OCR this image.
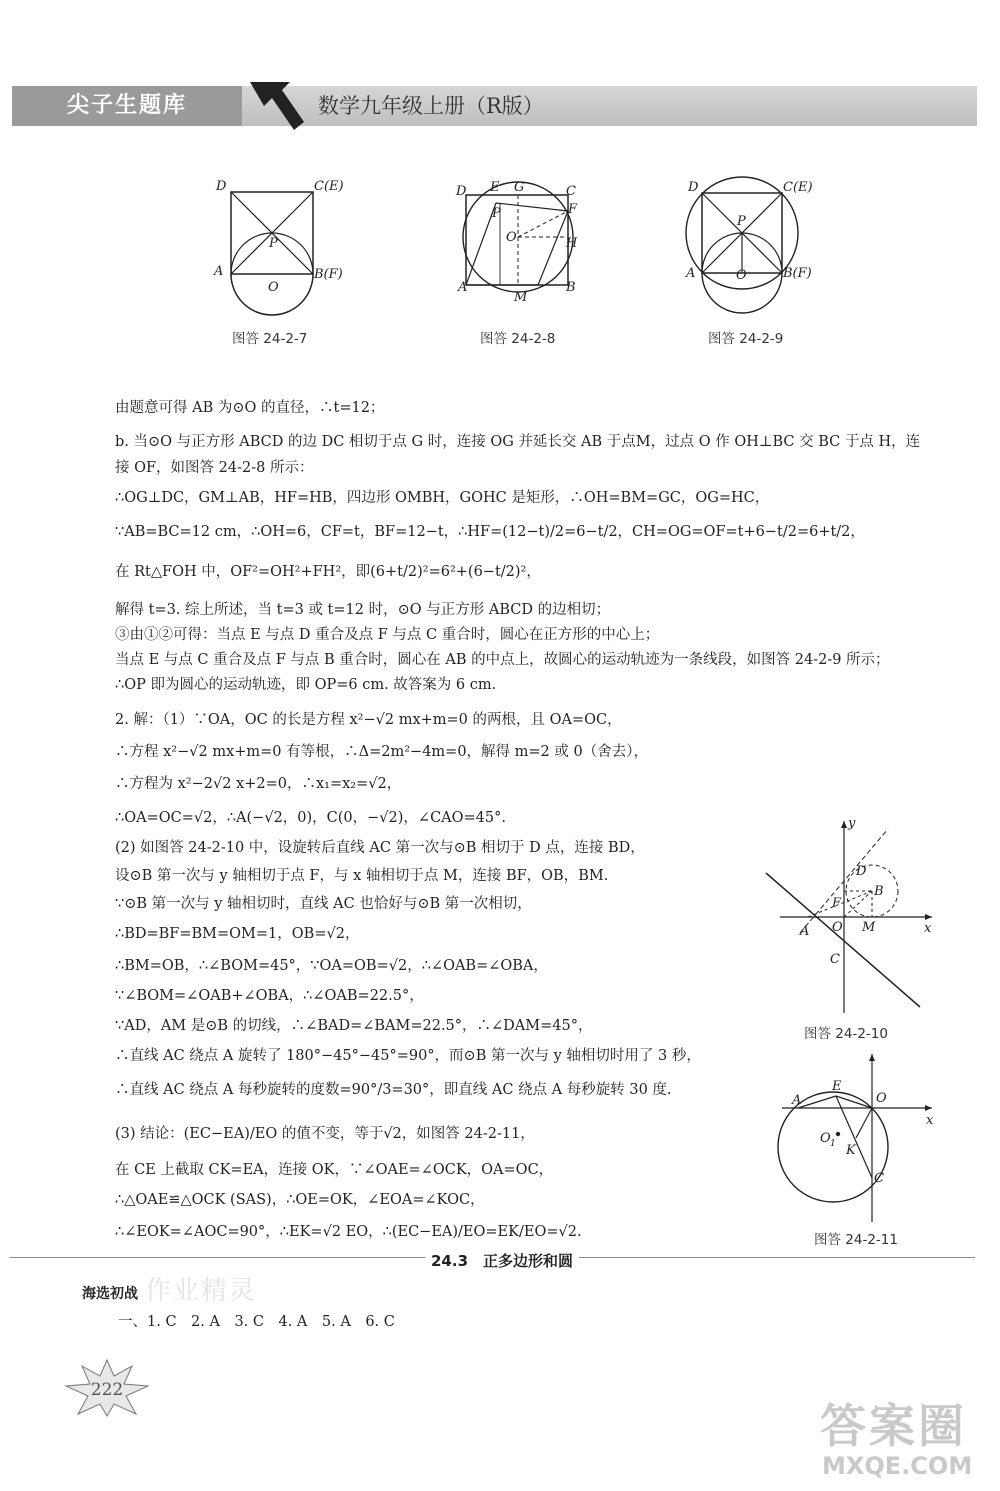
尖子生题库	数学九年级上册（R版）
D	C(E)
A	B(F)
P
O
图答 24-2-7
D E G	C
F
P
O	H
A
M
B
图答 24-2-8
D	C(E)
A	B(F)
P
O
图答 24-2-9
由题意可得 AB 为⊙O 的直径，∴t=12；
b. 当⊙O 与正方形 ABCD 的边 DC 相切于点 G 时，连接 OG 并延长交 AB 于点M，过点 O 作 OH⊥BC 交 BC 于点 H，连
接 OF，如图答 24-2-8 所示：
∴OG⊥DC，GM⊥AB，HF=HB，四边形 OMBH，GOHC 是矩形，∴OH=BM=GC，OG=HC，
∵AB=BC=12 cm，∴OH=6，CF=t，BF=12−t，∴HF=(12−t)/2=6−t/2，CH=OG=OF=t+6−t/2=6+t/2，
在 Rt△FOH 中，OF²=OH²+FH²，即(6+t/2)²=6²+(6−t/2)²，
解得 t=3. 综上所述，当 t=3 或 t=12 时，⊙O 与正方形 ABCD 的边相切；
③由①②可得：当点 E 与点 D 重合及点 F 与点 C 重合时，圆心在正方形的中心上；
当点 E 与点 C 重合及点 F 与点 B 重合时，圆心在 AB 的中点上，故圆心的运动轨迹为一条线段，如图答 24-2-9 所示；
∴OP 即为圆心的运动轨迹，即 OP=6 cm. 故答案为 6 cm.
2. 解：（1）∵OA，OC 的长是方程 x²−√2 mx+m=0 的两根，且 OA=OC，
∴方程 x²−√2 mx+m=0 有等根，∴Δ=2m²−4m=0，解得 m=2 或 0（舍去），
∴方程为 x²−2√2 x+2=0，∴x₁=x₂=√2，
∴OA=OC=√2，∴A(−√2，0)，C(0，−√2)，∠CAO=45°.
(2) 如图答 24-2-10 中，设旋转后直线 AC 第一次与⊙B 相切于 D 点，连接 BD，
设⊙B 第一次与 y 轴相切于点 F，与 x 轴相切于点 M，连接 BF，OB，BM.
∵⊙B 第一次与 y 轴相切时，直线 AC 也恰好与⊙B 第一次相切，
∴BD=BF=BM=OM=1，OB=√2，
∴BM=OB，∴∠BOM=45°，∵OA=OB=√2，∴∠OAB=∠OBA，
∵∠BOM=∠OAB+∠OBA，∴∠OAB=22.5°，
∵AD，AM 是⊙B 的切线，∴∠BAD=∠BAM=22.5°，∴∠DAM=45°，
∴直线 AC 绕点 A 旋转了 180°−45°−45°=90°，而⊙B 第一次与 y 轴相切时用了 3 秒，
∴直线 AC 绕点 A 每秒旋转的度数=90°/3=30°，即直线 AC 绕点 A 每秒旋转 30 度.
(3) 结论：(EC−EA)/EO 的值不变，等于√2，如图答 24-2-11，
在 CE 上截取 CK=EA，连接 OK，∵∠OAE=∠OCK，OA=OC，
∴△OAE≌△OCK (SAS)，∴OE=OK，∠EOA=∠KOC，
∴∠EOK=∠AOC=90°，∴EK=√2 EO，∴(EC−EA)/EO=EK/EO=√2.
y
x
D
B
F
A O M
C
图答 24-2-10
A
E
O
x
O 1 K
C
图答 24-2-11
24.3　正多边形和圆
作业精灵
海选初战
一、1. C　2. A　3. C　4. A　5. A　6. C
222
答案圈
MXQE.COM
